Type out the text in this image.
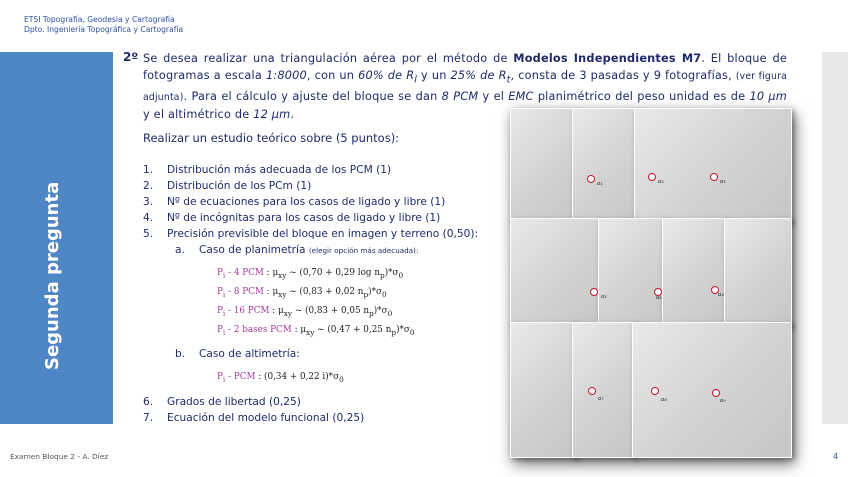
ETSI Topografía, Geodesia y Cartografía
Dpto. Ingeniería Topográfica y Cartografía
Segunda pregunta
2º Se desea realizar una triangulación aérea por el método de Modelos Independientes M7. El bloque de fotogramas a escala 1:8000, con un 60% de $R_l$ y un 25% de $R_t$, consta de 3 pasadas y 9 fotografías, (ver figura adjunta). Para el cálculo y ajuste del bloque se dan 8 PCM y el EMC planimétrico del peso unidad es de 10 μm y el altimétrico de 12 μm.
Realizar un estudio teórico sobre (5 puntos):
1. Distribución más adecuada de los PCM (1)
2. Distribución de los PCm (1)
3. Nº de ecuaciones para los casos de ligado y libre (1)
4. Nº de incógnitas para los casos de ligado y libre (1)
5. Precisión previsible del bloque en imagen y terreno (0,50):
6. Grados de libertad (0,25)
7. Ecuación del modelo funcional (0,25)
a. Caso de planimetría (elegir opción más adecuada):
$P_i - 4$ PCM : $\mu_{xy}$ ~ (0,70 + 0,29 $\log n_p)*\sigma_0$
$P_i - 8$ PCM : $\mu_{xy}$ ~ (0,83 + 0,02 $n_p)*\sigma_0$
$P_i - 16$ PCM : $\mu_{xy}$ ~ (0,83 + 0,05 $n_p)*\sigma_0$
$P_i - 2$ bases PCM : $\mu_{xy}$ ~ (0,47 + 0,25 $n_p)*\sigma_0$
b. Caso de altimetría:
$P_i$ - PCM : (0,34 + 0,22 $i)*\sigma_0$
o₁	o₂	o₃
o₅	o₆	o₄
o₇	o₈	o₉
Examen Bloque 2 - A. Díez	4
